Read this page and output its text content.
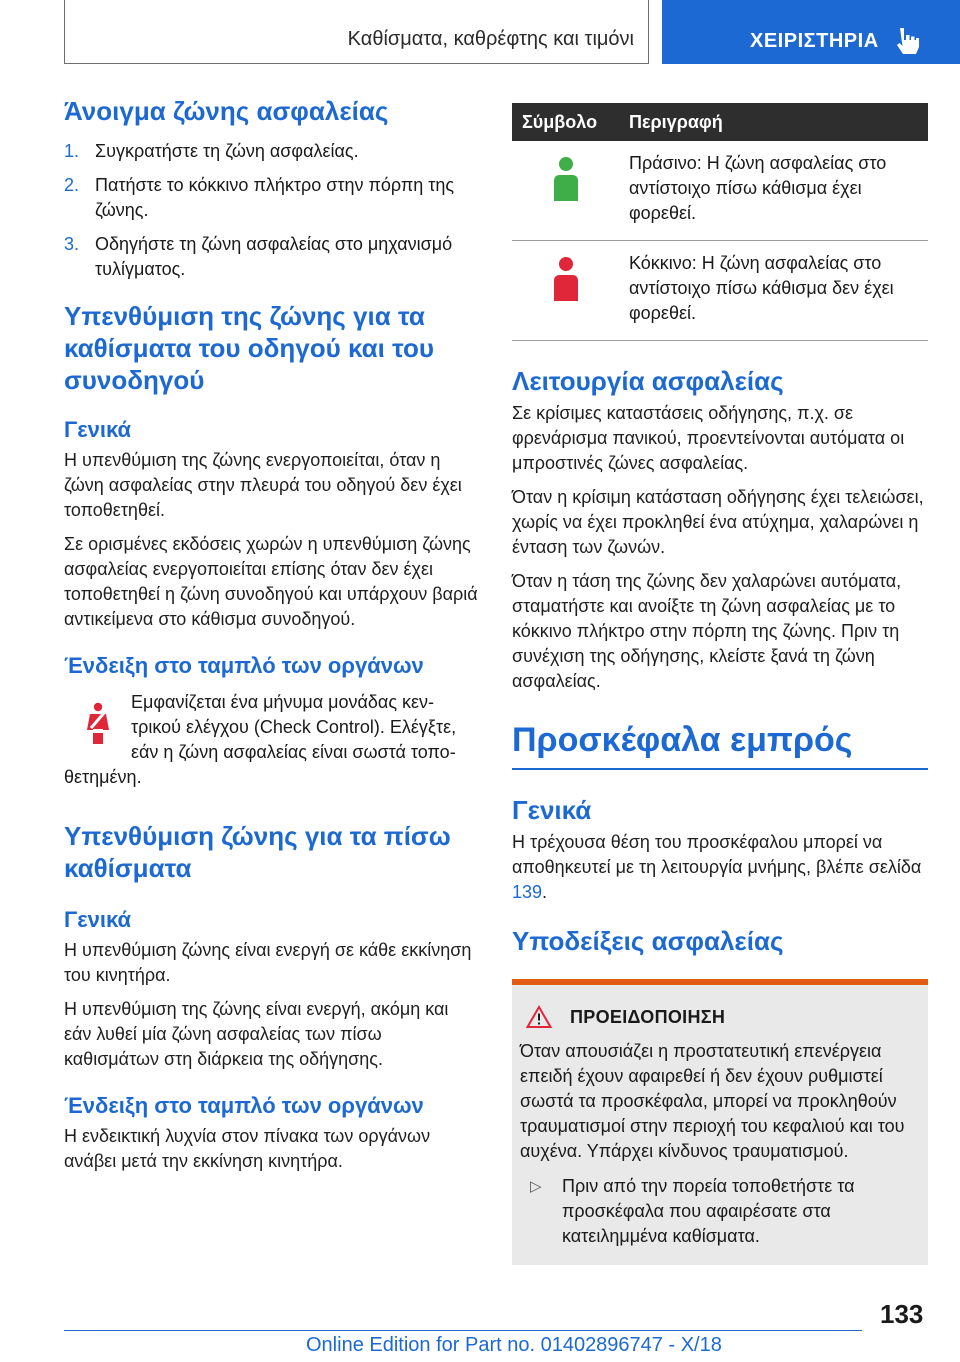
Καθίσματα, καθρέφτης και τιμόνι	ΧΕΙΡΙΣΤΗΡΙΑ
Άνοιγμα ζώνης ασφαλείας
1. Συγκρατήστε τη ζώνη ασφαλείας.
2. Πατήστε το κόκκινο πλήκτρο στην πόρπη της ζώνης.
3. Οδηγήστε τη ζώνη ασφαλείας στο μηχανισμό τυλίγματος.
Υπενθύμιση της ζώνης για τα καθίσματα του οδηγού και του συνοδηγού
Γενικά

Η υπενθύμιση της ζώνης ενεργοποιείται, όταν η ζώνη ασφαλείας στην πλευρά του οδηγού δεν έχει τοποθετηθεί.

Σε ορισμένες εκδόσεις χωρών η υπενθύμιση ζώνης ασφαλείας ενεργοποιείται επίσης όταν δεν έχει τοποθετηθεί η ζώνη συνοδηγού και υπάρχουν βαριά αντικείμενα στο κάθισμα συνοδηγού.

Ένδειξη στο ταμπλό των οργάνων
Εμφανίζεται ένα μήνυμα μονάδας κεν-
τρικού ελέγχου (Check Control). Ελέγξτε,
εάν η ζώνη ασφαλείας είναι σωστά τοπο-
θετημένη.
Υπενθύμιση ζώνης για τα πίσω καθίσματα
Γενικά

Η υπενθύμιση ζώνης είναι ενεργή σε κάθε εκκίνηση του κινητήρα.

Η υπενθύμιση της ζώνης είναι ενεργή, ακόμη και εάν λυθεί μία ζώνη ασφαλείας των πίσω καθισμάτων στη διάρκεια της οδήγησης.

Ένδειξη στο ταμπλό των οργάνων

Η ενδεικτική λυχνία στον πίνακα των οργάνων ανάβει μετά την εκκίνηση κινητήρα.

Σύμβολο	Περιγραφή
	Πράσινο: Η ζώνη ασφαλείας στο αντίστοιχο πίσω κάθισμα έχει φορεθεί.
	Κόκκινο: Η ζώνη ασφαλείας στο αντίστοιχο πίσω κάθισμα δεν έχει φορεθεί.
Λειτουργία ασφαλείας

Σε κρίσιμες καταστάσεις οδήγησης, π.χ. σε φρενάρισμα πανικού, προεντείνονται αυτόματα οι μπροστινές ζώνες ασφαλείας.

Όταν η κρίσιμη κατάσταση οδήγησης έχει τελειώσει, χωρίς να έχει προκληθεί ένα ατύχημα, χαλαρώνει η ένταση των ζωνών.

Όταν η τάση της ζώνης δεν χαλαρώνει αυτόματα, σταματήστε και ανοίξτε τη ζώνη ασφαλείας με το κόκκινο πλήκτρο στην πόρπη της ζώνης. Πριν τη συνέχιση της οδήγησης, κλείστε ξανά τη ζώνη ασφαλείας.

Προσκέφαλα εμπρός
Γενικά

Η τρέχουσα θέση του προσκέφαλου μπορεί να αποθηκευτεί με τη λειτουργία μνήμης, βλέπε σελίδα 139.

Υποδείξεις ασφαλείας
ΠΡΟΕΙΔΟΠΟΙΗΣΗ

Όταν απουσιάζει η προστατευτική επενέργεια επειδή έχουν αφαιρεθεί ή δεν έχουν ρυθμιστεί σωστά τα προσκέφαλα, μπορεί να προκληθούν τραυματισμοί στην περιοχή του κεφαλιού και του αυχένα. Υπάρχει κίνδυνος τραυματισμού.

▷ Πριν από την πορεία τοποθετήστε τα προσκέφαλα που αφαιρέσατε στα κατειλημμένα καθίσματα.
133
Online Edition for Part no. 01402896747 - X/18
